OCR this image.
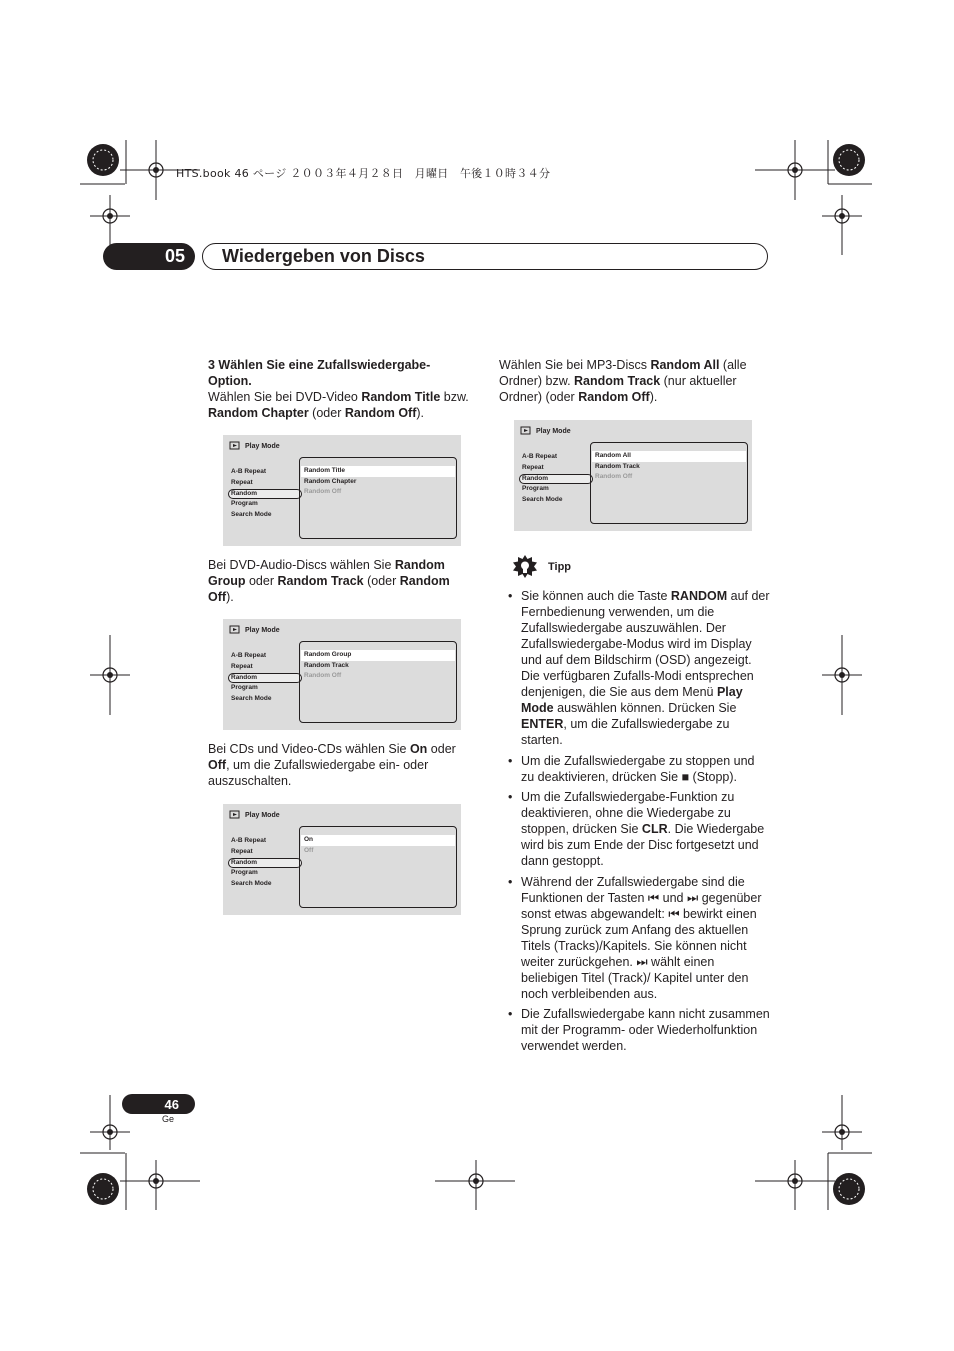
HTS.book 46 ページ ２００３年４月２８日　月曜日　午後１０時３４分
05 Wiedergeben von Discs
3 Wählen Sie eine Zufallswiedergabe-Option.
Wählen Sie bei DVD-Video Random Title bzw. Random Chapter (oder Random Off).
Play Mode
A-B Repeat
Repeat
Random
Program
Search Mode
Random Title
Random Chapter
Random Off
Bei DVD-Audio-Discs wählen Sie Random Group oder Random Track (oder Random Off).
Play Mode
A-B Repeat
Repeat
Random
Program
Search Mode
Random Group
Random Track
Random Off
Bei CDs und Video-CDs wählen Sie On oder Off, um die Zufallswiedergabe ein- oder auszuschalten.
Play Mode
A-B Repeat
Repeat
Random
Program
Search Mode
On
Off
Wählen Sie bei MP3-Discs Random All (alle Ordner) bzw. Random Track (nur aktueller Ordner) (oder Random Off).
Play Mode
A-B Repeat
Repeat
Random
Program
Search Mode
Random All
Random Track
Random Off
Tipp
• Sie können auch die Taste RANDOM auf der Fernbedienung verwenden, um die Zufallswiedergabe auszuwählen. Der Zufallswiedergabe-Modus wird im Display und auf dem Bildschirm (OSD) angezeigt. Die verfügbaren Zufalls-Modi entsprechen denjenigen, die Sie aus dem Menü Play Mode auswählen können. Drücken Sie ENTER, um die Zufallswiedergabe zu starten.
• Um die Zufallswiedergabe zu stoppen und zu deaktivieren, drücken Sie ■ (Stopp).
• Um die Zufallswiedergabe-Funktion zu deaktivieren, ohne die Wiedergabe zu stoppen, drücken Sie CLR. Die Wiedergabe wird bis zum Ende der Disc fortgesetzt und dann gestoppt.
• Während der Zufallswiedergabe sind die Funktionen der Tasten ⏮ und ⏭ gegenüber sonst etwas abgewandelt: ⏮ bewirkt einen Sprung zurück zum Anfang des aktuellen Titels (Tracks)/Kapitels. Sie können nicht weiter zurückgehen. ⏭ wählt einen beliebigen Titel (Track)/ Kapitel unter den noch verbleibenden aus.
• Die Zufallswiedergabe kann nicht zusammen mit der Programm- oder Wiederholfunktion verwendet werden.
46
Ge
